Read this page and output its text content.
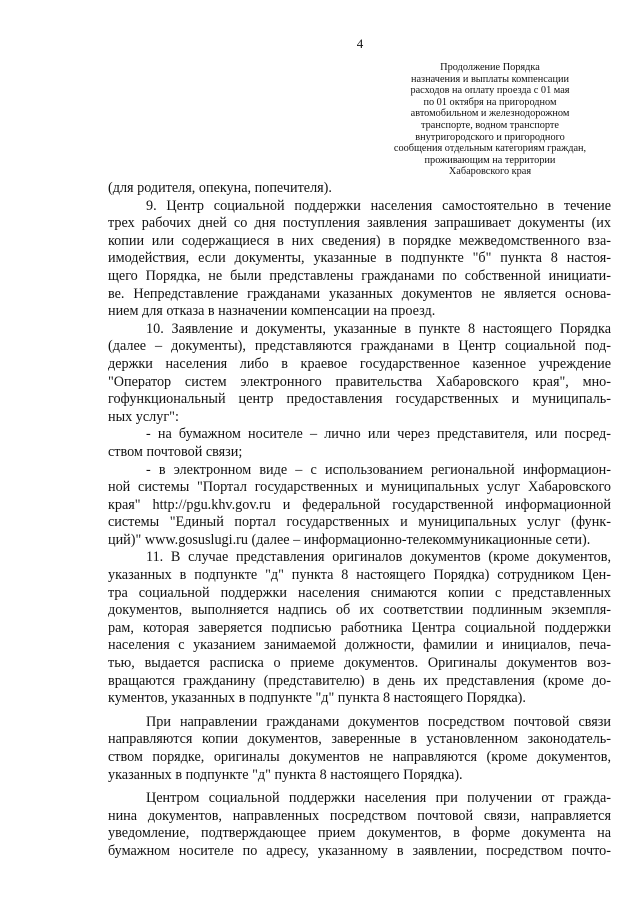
4
Продолжение Порядка
назначения и выплаты компенсации
расходов на оплату проезда с 01 мая
по 01 октября на пригородном
автомобильном и железнодорожном
транспорте, водном транспорте
внутригородского и пригородного
сообщения отдельным категориям граждан,
проживающим на территории
Хабаровского края

(для родителя, опекуна, попечителя).

9. Центр социальной поддержки населения самостоятельно в течение
трех рабочих дней со дня поступления заявления запрашивает документы (их
копии или содержащиеся в них сведения) в порядке межведомственного вза-
имодействия, если документы, указанные в подпункте "б" пункта 8 настоя-
щего Порядка, не были представлены гражданами по собственной инициати-
ве. Непредставление гражданами указанных документов не является основа-
нием для отказа в назначении компенсации на проезд.

10. Заявление и документы, указанные в пункте 8 настоящего Порядка
(далее – документы), представляются гражданами в Центр социальной под-
держки населения либо в краевое государственное казенное учреждение
"Оператор систем электронного правительства Хабаровского края", мно-
гофункциональный центр предоставления государственных и муниципаль-
ных услуг":

- на бумажном носителе – лично или через представителя, или посред-
ством почтовой связи;

- в электронном виде – с использованием региональной информацион-
ной системы "Портал государственных и муниципальных услуг Хабаровского
края" http://pgu.khv.gov.ru и федеральной государственной информационной
системы "Единый портал государственных и муниципальных услуг (функ-
ций)" www.gosuslugi.ru (далее – информационно-телекоммуникационные сети).

11. В случае представления оригиналов документов (кроме документов,
указанных в подпункте "д" пункта 8 настоящего Порядка) сотрудником Цен-
тра социальной поддержки населения снимаются копии с представленных
документов, выполняется надпись об их соответствии подлинным экземпля-
рам, которая заверяется подписью работника Центра социальной поддержки
населения с указанием занимаемой должности, фамилии и инициалов, печа-
тью, выдается расписка о приеме документов. Оригиналы документов воз-
вращаются гражданину (представителю) в день их представления (кроме до-
кументов, указанных в подпункте "д" пункта 8 настоящего Порядка).

При направлении гражданами документов посредством почтовой связи
направляются копии документов, заверенные в установленном законодатель-
ством порядке, оригиналы документов не направляются (кроме документов,
указанных в подпункте "д" пункта 8 настоящего Порядка).

Центром социальной поддержки населения при получении от гражда-
нина документов, направленных посредством почтовой связи, направляется
уведомление, подтверждающее прием документов, в форме документа на
бумажном носителе по адресу, указанному в заявлении, посредством почто-
